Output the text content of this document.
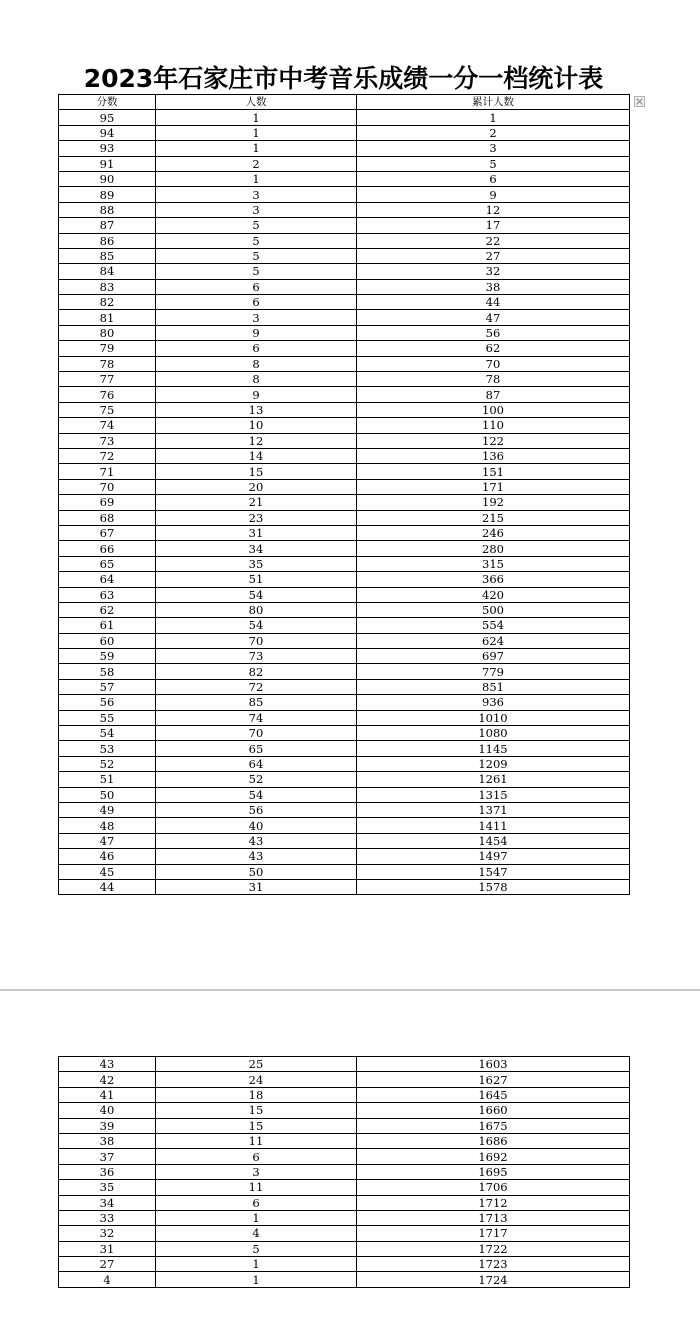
2023年石家庄市中考音乐成绩一分一档统计表
分数	人数	累计人数
95	1	1
94	1	2
93	1	3
91	2	5
90	1	6
89	3	9
88	3	12
87	5	17
86	5	22
85	5	27
84	5	32
83	6	38
82	6	44
81	3	47
80	9	56
79	6	62
78	8	70
77	8	78
76	9	87
75	13	100
74	10	110
73	12	122
72	14	136
71	15	151
70	20	171
69	21	192
68	23	215
67	31	246
66	34	280
65	35	315
64	51	366
63	54	420
62	80	500
61	54	554
60	70	624
59	73	697
58	82	779
57	72	851
56	85	936
55	74	1010
54	70	1080
53	65	1145
52	64	1209
51	52	1261
50	54	1315
49	56	1371
48	40	1411
47	43	1454
46	43	1497
45	50	1547
44	31	1578
43	25	1603
42	24	1627
41	18	1645
40	15	1660
39	15	1675
38	11	1686
37	6	1692
36	3	1695
35	11	1706
34	6	1712
33	1	1713
32	4	1717
31	5	1722
27	1	1723
4	1	1724
